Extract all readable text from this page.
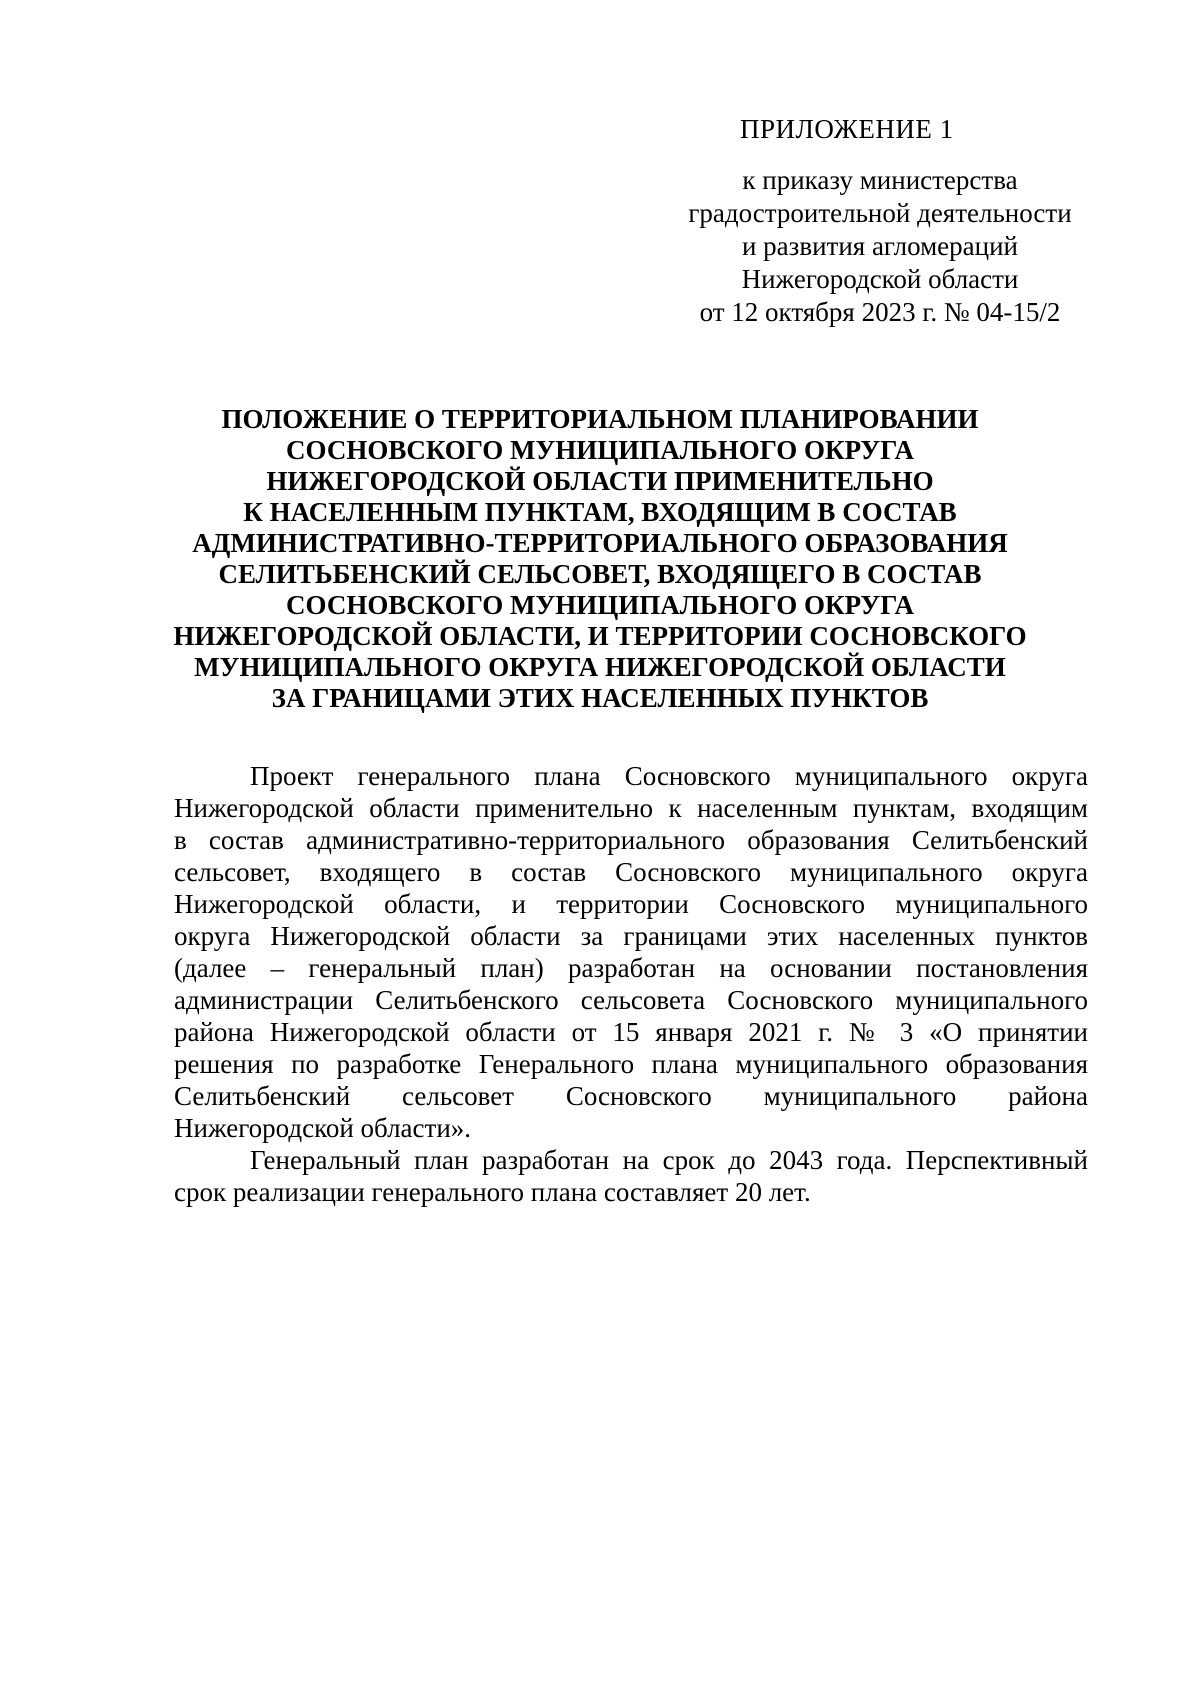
ПРИЛОЖЕНИЕ 1
к приказу министерства
градостроительной деятельности
и развития агломераций
Нижегородской области
от 12 октября 2023 г. № 04-15/2
ПОЛОЖЕНИЕ О ТЕРРИТОРИАЛЬНОМ ПЛАНИРОВАНИИ
СОСНОВСКОГО МУНИЦИПАЛЬНОГО ОКРУГА
НИЖЕГОРОДСКОЙ ОБЛАСТИ ПРИМЕНИТЕЛЬНО
К НАСЕЛЕННЫМ ПУНКТАМ, ВХОДЯЩИМ В СОСТАВ
АДМИНИСТРАТИВНО-ТЕРРИТОРИАЛЬНОГО ОБРАЗОВАНИЯ
СЕЛИТЬБЕНСКИЙ СЕЛЬСОВЕТ, ВХОДЯЩЕГО В СОСТАВ
СОСНОВСКОГО МУНИЦИПАЛЬНОГО ОКРУГА
НИЖЕГОРОДСКОЙ ОБЛАСТИ, И ТЕРРИТОРИИ СОСНОВСКОГО
МУНИЦИПАЛЬНОГО ОКРУГА НИЖЕГОРОДСКОЙ ОБЛАСТИ
ЗА ГРАНИЦАМИ ЭТИХ НАСЕЛЕННЫХ ПУНКТОВ
Проект генерального плана Сосновского муниципального округа
Нижегородской области применительно к населенным пунктам, входящим
в состав административно-территориального образования Селитьбенский
сельсовет, входящего в состав Сосновского муниципального округа
Нижегородской области, и территории Сосновского муниципального
округа Нижегородской области за границами этих населенных пунктов
(далее – генеральный план) разработан на основании постановления
администрации Селитьбенского сельсовета Сосновского муниципального
района Нижегородской области от 15 января 2021 г. № 3 «О принятии
решения по разработке Генерального плана муниципального образования
Селитьбенский сельсовет Сосновского муниципального района
Нижегородской области».
Генеральный план разработан на срок до 2043 года. Перспективный
срок реализации генерального плана составляет 20 лет.
